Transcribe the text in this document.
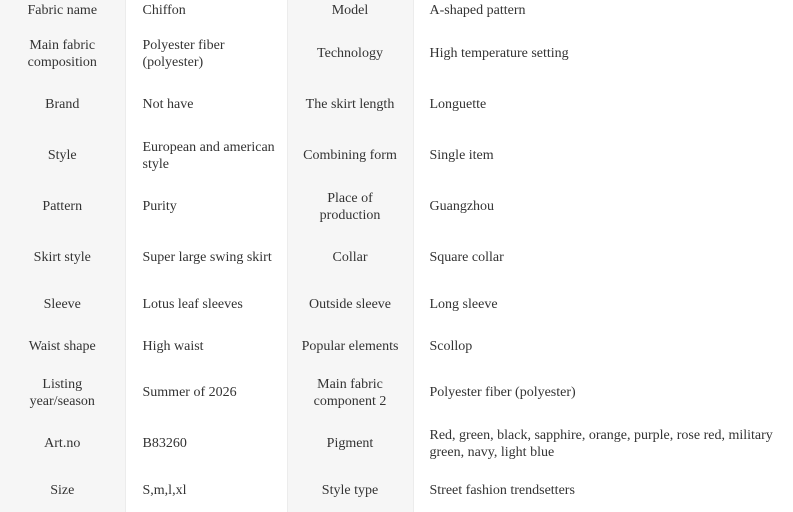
Fabric name	Chiffon	Model	A-shaped pattern
Main fabric composition	Polyester fiber (polyester)	Technology	High temperature setting
Brand	Not have	The skirt length	Longuette
Style	European and american style	Combining form	Single item
Pattern	Purity	Place of production	Guangzhou
Skirt style	Super large swing skirt	Collar	Square collar
Sleeve	Lotus leaf sleeves	Outside sleeve	Long sleeve
Waist shape	High waist	Popular elements	Scollop
Listing year/season	Summer of 2026	Main fabric component 2	Polyester fiber (polyester)
Art.no	B83260	Pigment	Red, green, black, sapphire, orange, purple, rose red, military green, navy, light blue
Size	S,m,l,xl	Style type	Street fashion trendsetters
